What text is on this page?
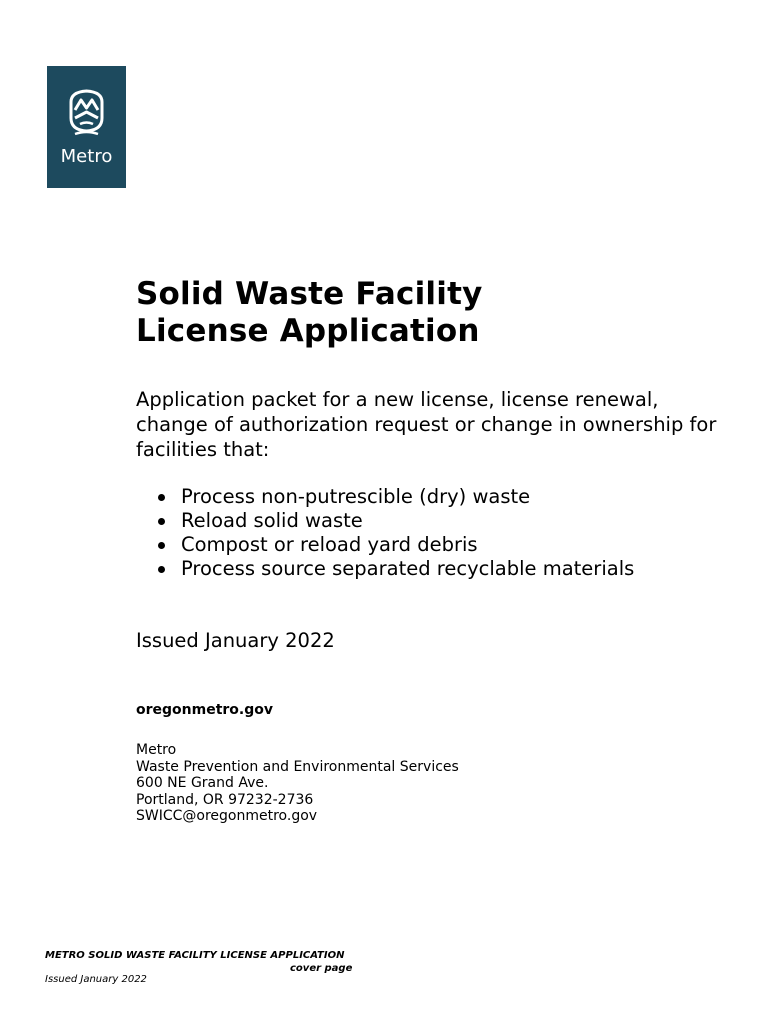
Metro
Solid Waste Facility
License Application

Application packet for a new license, license renewal, change of authorization request or change in ownership for facilities that:

Process non-putrescible (dry) waste
Reload solid waste
Compost or reload yard debris
Process source separated recyclable materials
Issued January 2022
oregonmetro.gov
Metro
Waste Prevention and Environmental Services
600 NE Grand Ave.
Portland, OR 97232-2736
SWICC@oregonmetro.gov
METRO SOLID WASTE FACILITY LICENSE APPLICATION
cover page
Issued January 2022
